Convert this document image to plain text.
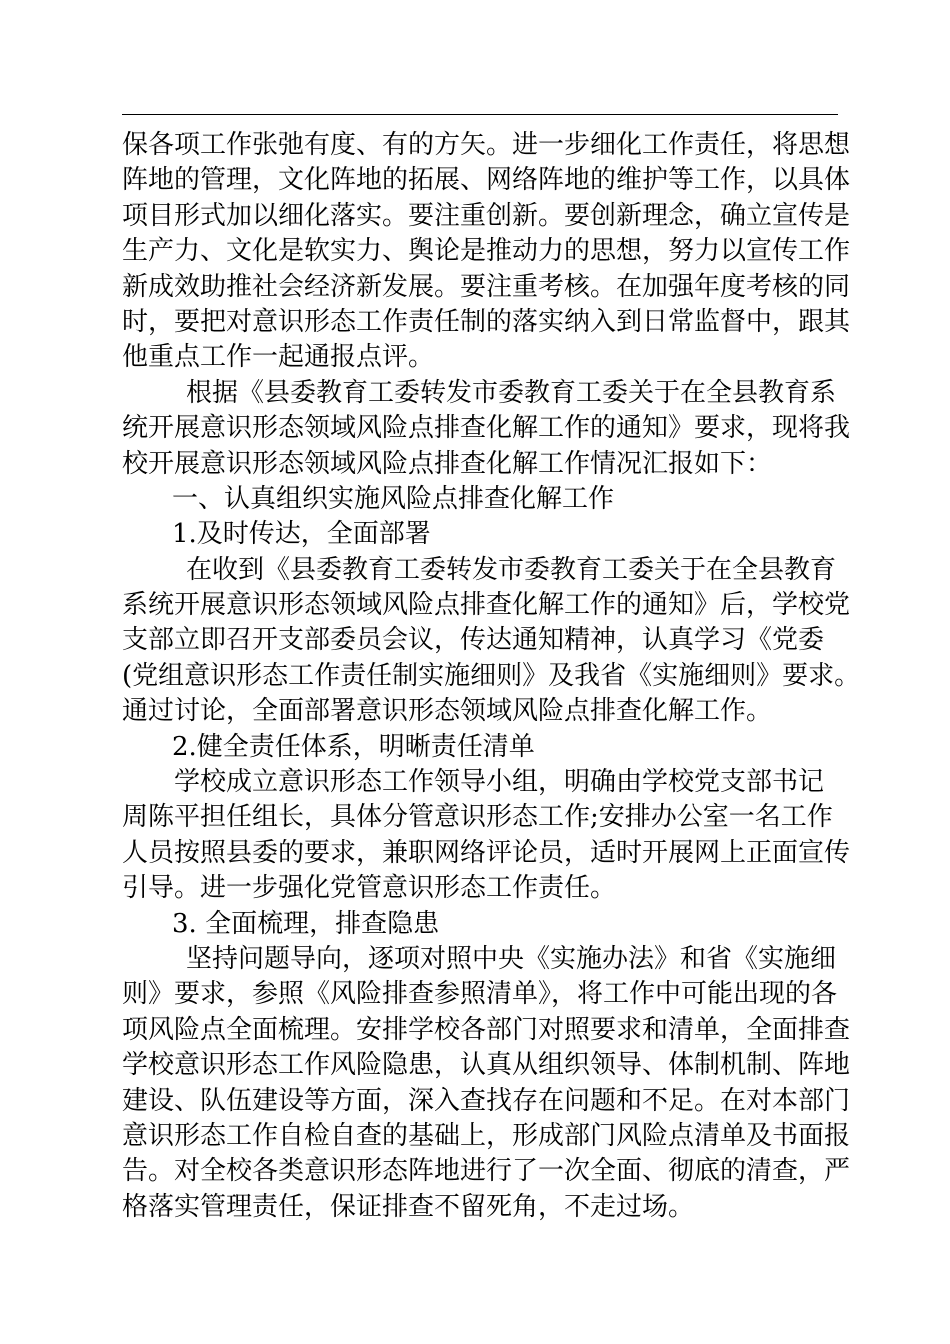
保各项工作张弛有度、有的方矢。进一步细化工作责任，将思想
阵地的管理，文化阵地的拓展、网络阵地的维护等工作，以具体
项目形式加以细化落实。要注重创新。要创新理念，确立宣传是
生产力、文化是软实力、舆论是推动力的思想，努力以宣传工作
新成效助推社会经济新发展。要注重考核。在加强年度考核的同
时，要把对意识形态工作责任制的落实纳入到日常监督中，跟其
他重点工作一起通报点评。
根据《县委教育工委转发市委教育工委关于在全县教育系
统开展意识形态领域风险点排查化解工作的通知》要求，现将我
校开展意识形态领域风险点排查化解工作情况汇报如下：
一、认真组织实施风险点排查化解工作
1.及时传达，全面部署
在收到《县委教育工委转发市委教育工委关于在全县教育
系统开展意识形态领域风险点排查化解工作的通知》后，学校党
支部立即召开支部委员会议，传达通知精神，认真学习《党委
(党组意识形态工作责任制实施细则》及我省《实施细则》要求。
通过讨论，全面部署意识形态领域风险点排查化解工作。
2.健全责任体系，明晰责任清单
学校成立意识形态工作领导小组，明确由学校党支部书记
周陈平担任组长，具体分管意识形态工作;安排办公室一名工作
人员按照县委的要求，兼职网络评论员，适时开展网上正面宣传
引导。进一步强化党管意识形态工作责任。
3. 全面梳理，排查隐患
坚持问题导向，逐项对照中央《实施办法》和省《实施细
则》要求，参照《风险排查参照清单》，将工作中可能出现的各
项风险点全面梳理。安排学校各部门对照要求和清单，全面排查
学校意识形态工作风险隐患，认真从组织领导、体制机制、阵地
建设、队伍建设等方面，深入查找存在问题和不足。在对本部门
意识形态工作自检自查的基础上，形成部门风险点清单及书面报
告。对全校各类意识形态阵地进行了一次全面、彻底的清查，严
格落实管理责任，保证排查不留死角，不走过场。
